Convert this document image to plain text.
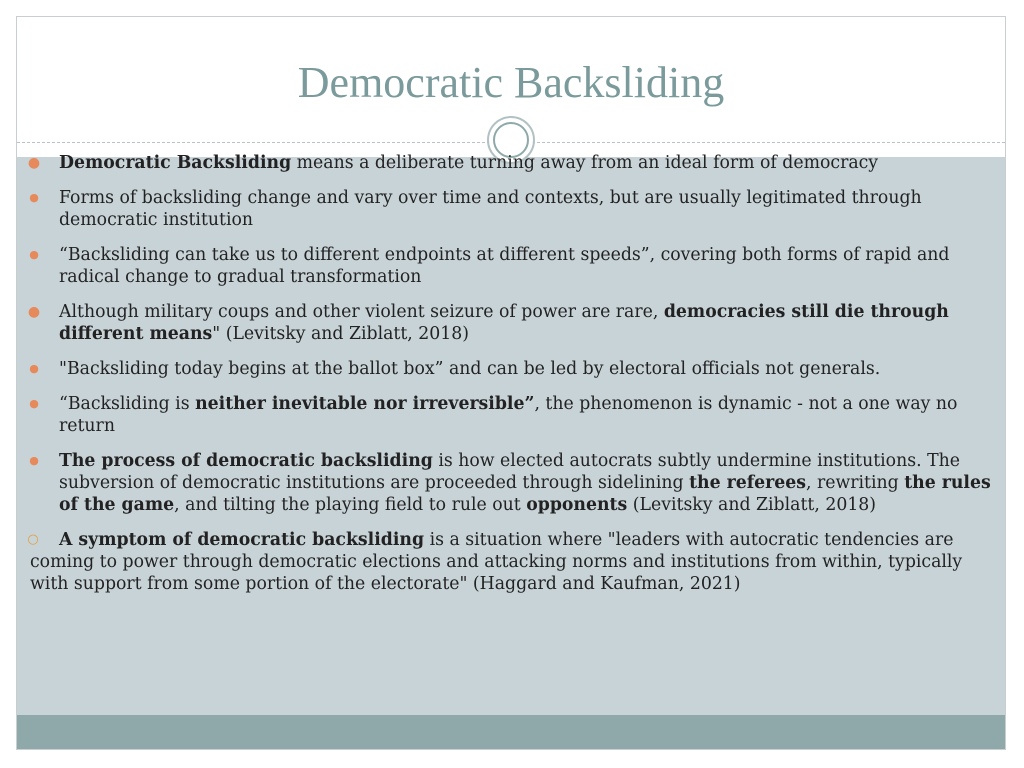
Democratic Backsliding
● Democratic Backsliding means a deliberate turning away from an ideal form of democracy
●	Forms of backsliding change and vary over time and contexts, but are usually legitimated through democratic institution
●	“Backsliding can take us to different endpoints at different speeds”, covering both forms of rapid and radical change to gradual transformation
● Although military coups and other violent seizure of power are rare, democracies still die through different means" (Levitsky and Ziblatt, 2018)
●	"Backsliding today begins at the ballot box” and can be led by electoral officials not generals.
●	“Backsliding is neither inevitable nor irreversible”, the phenomenon is dynamic - not a one way no return
●	The process of democratic backsliding is how elected autocrats subtly undermine institutions. The subversion of democratic institutions are proceeded through sidelining the referees, rewriting the rules of the game, and tilting the playing field to rule out opponents (Levitsky and Ziblatt, 2018)
○ A symptom of democratic backsliding is a situation where "leaders with autocratic tendencies are coming to power through democratic elections and attacking norms and institutions from within, typically with support from some portion of the electorate" (Haggard and Kaufman, 2021)
